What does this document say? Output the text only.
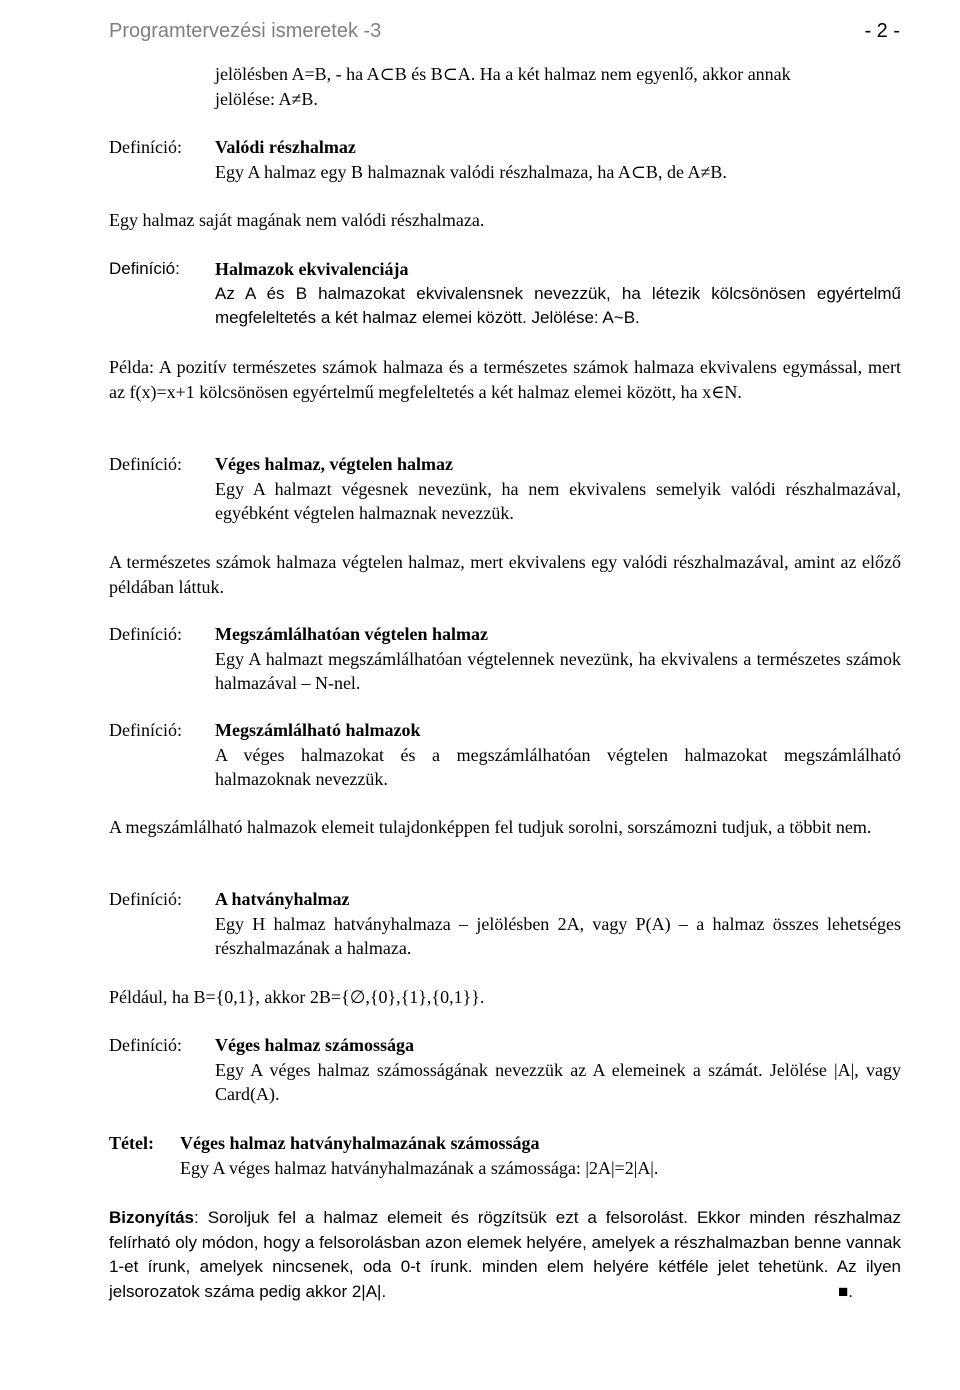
Programtervezési ismeretek -3	- 2 -
jelölésben A=B, - ha A⊂B és B⊂A. Ha a két halmaz nem egyenlő, akkor annak
jelölése: A≠B.
Definíció: Valódi részhalmaz
Egy A halmaz egy B halmaznak valódi részhalmaza, ha A⊂B, de A≠B.
Egy halmaz saját magának nem valódi részhalmaza.
Definíció: Halmazok ekvivalenciája
Az A és B halmazokat ekvivalensnek nevezzük, ha létezik kölcsönösen egyértelmű megfeleltetés a két halmaz elemei között. Jelölése: A~B.
Példa: A pozitív természetes számok halmaza és a természetes számok halmaza ekvivalens egymással, mert az f(x)=x+1 kölcsönösen egyértelmű megfeleltetés a két halmaz elemei között, ha x∈N.
Definíció: Véges halmaz, végtelen halmaz
Egy A halmazt végesnek nevezünk, ha nem ekvivalens semelyik valódi részhalmazával, egyébként végtelen halmaznak nevezzük.
A természetes számok halmaza végtelen halmaz, mert ekvivalens egy valódi részhalmazával, amint az előző példában láttuk.
Definíció: Megszámlálhatóan végtelen halmaz
Egy A halmazt megszámlálhatóan végtelennek nevezünk, ha ekvivalens a természetes számok halmazával – N-nel.
Definíció: Megszámlálható halmazok
A véges halmazokat és a megszámlálhatóan végtelen halmazokat megszámlálható halmazoknak nevezzük.
A megszámlálható halmazok elemeit tulajdonképpen fel tudjuk sorolni, sorszámozni tudjuk, a többit nem.
Definíció: A hatványhalmaz
Egy H halmaz hatványhalmaza – jelölésben 2A, vagy P(A) – a halmaz összes lehetséges részhalmazának a halmaza.
Például, ha B={0,1}, akkor 2B={∅,{0},{1},{0,1}}.
Definíció: Véges halmaz számossága
Egy A véges halmaz számosságának nevezzük az A elemeinek a számát. Jelölése |A|, vagy Card(A).
Tétel: Véges halmaz hatványhalmazának számossága
Egy A véges halmaz hatványhalmazának a számossága: |2A|=2|A|.
Bizonyítás: Soroljuk fel a halmaz elemeit és rögzítsük ezt a felsorolást. Ekkor minden részhalmaz felírható oly módon, hogy a felsorolásban azon elemek helyére, amelyek a részhalmazban benne vannak 1-et írunk, amelyek nincsenek, oda 0-t írunk. minden elem helyére kétféle jelet tehetünk. Az ilyen jelsorozatok száma pedig akkor 2|A|.	■.
